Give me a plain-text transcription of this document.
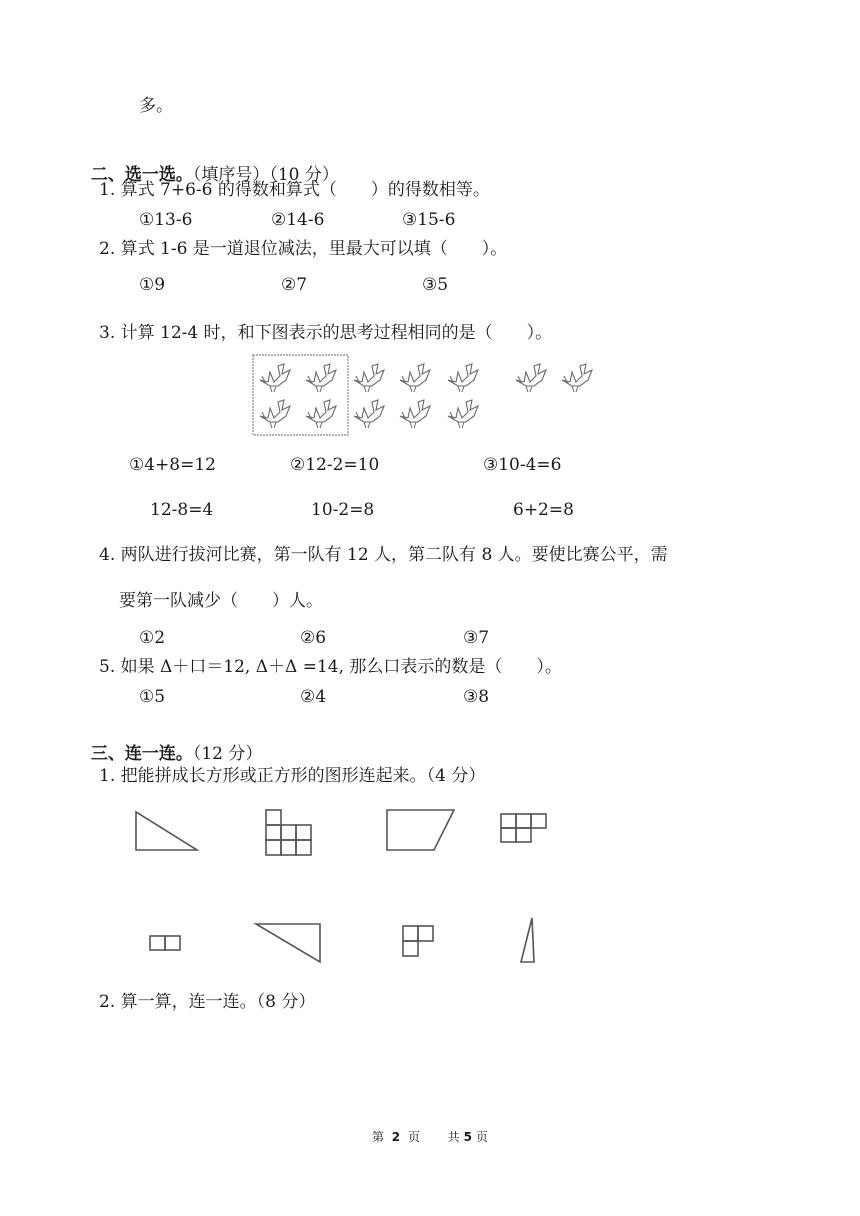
多。

二、选一选。（填序号）（10 分）

1. 算式 7+6-6 的得数和算式（　　）的得数相等。
①13-6	②14-6	③15-6
2. 算式 1-6 是一道退位减法，里最大可以填（　　）。
①9	②7	③5
3. 计算 12-4 时，和下图表示的思考过程相同的是（　　）。
①4+8=12	②12-2=10	③10-4=6
12-8=4	10-2=8	6+2=8
4. 两队进行拔河比赛，第一队有 12 人，第二队有 8 人。要使比赛公平，需
要第一队减少（　　）人。
①2	②6	③7
5. 如果 Δ＋口＝12, Δ＋Δ =14, 那么口表示的数是（　　）。
①5	②4	③8

三、连一连。（12 分）

1. 把能拼成长方形或正方形的图形连起来。（4 分）
2. 算一算，连一连。（8 分）
第 2 页 共 5 页
